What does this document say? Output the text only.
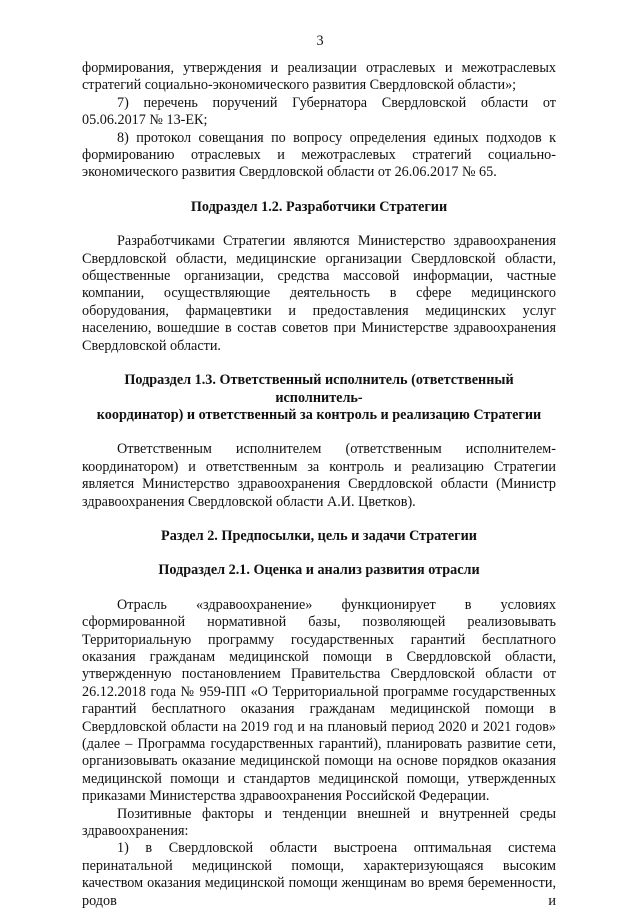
3

формирования, утверждения и реализации отраслевых и межотраслевых стратегий социально-экономического развития Свердловской области»;

7) перечень поручений Губернатора Свердловской области от 05.06.2017 № 13-ЕК;

8) протокол совещания по вопросу определения единых подходов к формированию отраслевых и межотраслевых стратегий социально-экономического развития Свердловской области от 26.06.2017 № 65.

Подраздел 1.2. Разработчики Стратегии

Разработчиками Стратегии являются Министерство здравоохранения Свердловской области, медицинские организации Свердловской области, общественные организации, средства массовой информации, частные компании, осуществляющие деятельность в сфере медицинского оборудования, фармацевтики и предоставления медицинских услуг населению, вошедшие в состав советов при Министерстве здравоохранения Свердловской области.

Подраздел 1.3. Ответственный исполнитель (ответственный исполнитель-
координатор) и ответственный за контроль и реализацию Стратегии

Ответственным исполнителем (ответственным исполнителем-координатором) и ответственным за контроль и реализацию Стратегии является Министерство здравоохранения Свердловской области (Министр здравоохранения Свердловской области А.И. Цветков).

Раздел 2. Предпосылки, цель и задачи Стратегии
Подраздел 2.1. Оценка и анализ развития отрасли

Отрасль «здравоохранение» функционирует в условиях сформированной нормативной базы, позволяющей реализовывать Территориальную программу государственных гарантий бесплатного оказания гражданам медицинской помощи в Свердловской области, утвержденную постановлением Правительства Свердловской области от 26.12.2018 года № 959-ПП «О Территориальной программе государственных гарантий бесплатного оказания гражданам медицинской помощи в Свердловской области на 2019 год и на плановый период 2020 и 2021 годов» (далее – Программа государственных гарантий), планировать развитие сети, организовывать оказание медицинской помощи на основе порядков оказания медицинской помощи и стандартов медицинской помощи, утвержденных приказами Министерства здравоохранения Российской Федерации.

Позитивные факторы и тенденции внешней и внутренней среды здравоохранения:

1) в Свердловской области выстроена оптимальная система перинатальной медицинской помощи, характеризующаяся высоким качеством оказания медицинской помощи женщинам во время беременности, родов и
